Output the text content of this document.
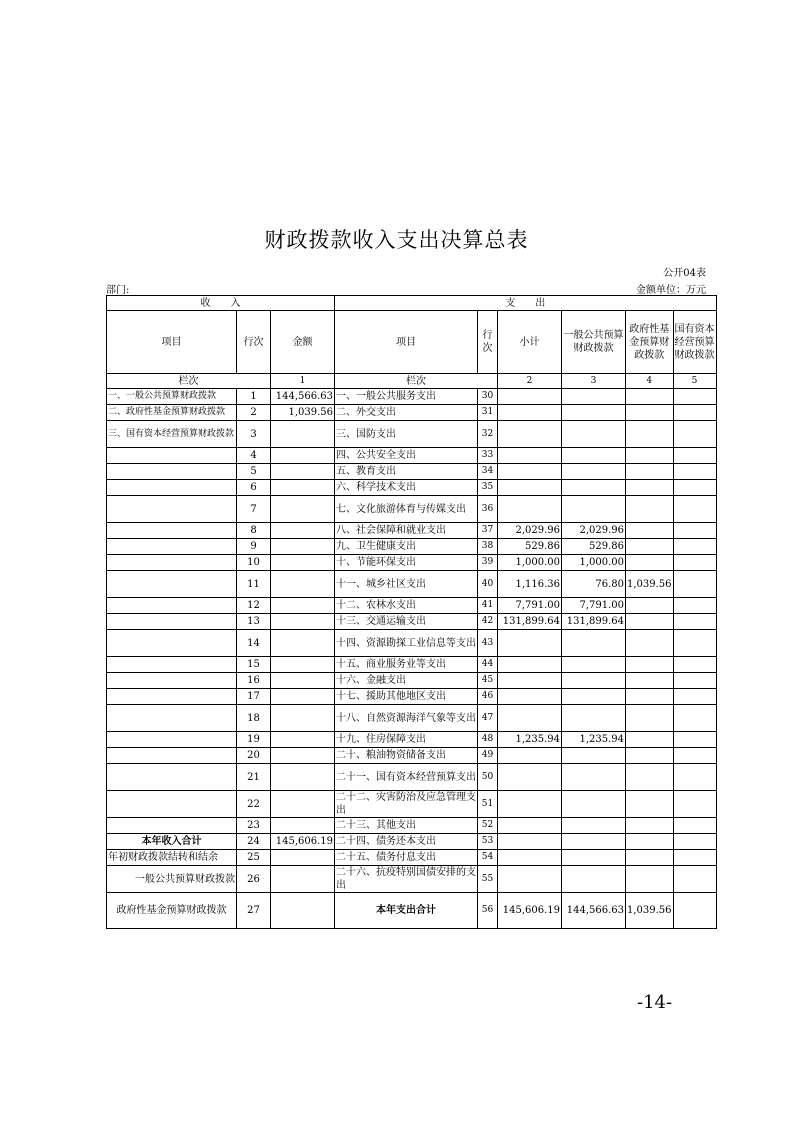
财政拨款收入支出决算总表
公开04表
部门:	金额单位：万元
收　　入			支　　出					
项目	行次	金额	项目	行次	小计	一般公共预算财政拨款	政府性基金预算财政拨款	国有资本经营预算财政拨款
栏次		1	栏次		2	3	4	5
一、一般公共预算财政拨款	1	144,566.63	一、一般公共服务支出	30				
二、政府性基金预算财政拨款	2	1,039.56	二、外交支出	31				
三、国有资本经营预算财政拨款	3		三、国防支出	32				
	4		四、公共安全支出	33				
	5		五、教育支出	34				
	6		六、科学技术支出	35				
	7		七、文化旅游体育与传媒支出	36				
	8		八、社会保障和就业支出	37	2,029.96	2,029.96		
	9		九、卫生健康支出	38	529.86	529.86		
	10		十、节能环保支出	39	1,000.00	1,000.00		
	11		十一、城乡社区支出	40	1,116.36	76.80	1,039.56	
	12		十二、农林水支出	41	7,791.00	7,791.00		
	13		十三、交通运输支出	42	131,899.64	131,899.64		
	14		十四、资源勘探工业信息等支出	43				
	15		十五、商业服务业等支出	44				
	16		十六、金融支出	45				
	17		十七、援助其他地区支出	46				
	18		十八、自然资源海洋气象等支出	47				
	19		十九、住房保障支出	48	1,235.94	1,235.94		
	20		二十、粮油物资储备支出	49				
	21		二十一、国有资本经营预算支出	50				
	22		二十二、灾害防治及应急管理支出	51				
	23		二十三、其他支出	52				
本年收入合计	24	145,606.19	二十四、债务还本支出	53				
年初财政拨款结转和结余	25		二十五、债务付息支出	54				
一般公共预算财政拨款	26		二十六、抗疫特别国债安排的支出	55				
政府性基金预算财政拨款	27		本年支出合计	56	145,606.19	144,566.63	1,039.56	
-14-
